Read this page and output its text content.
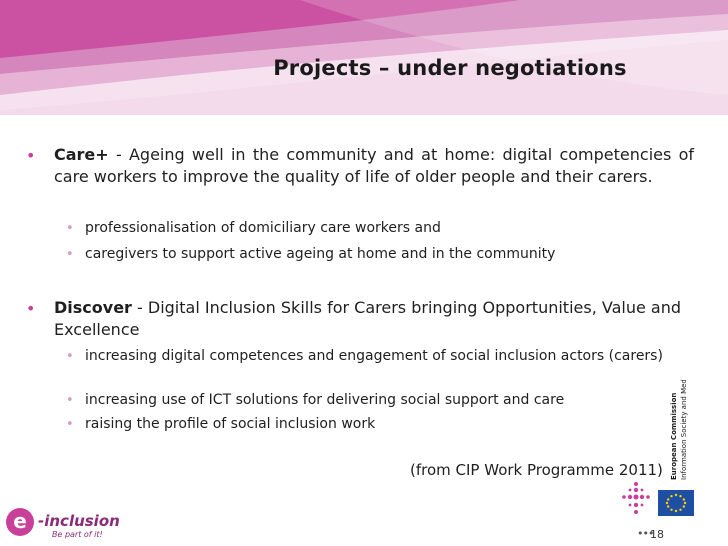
Projects – under negotiations
• Care+ - Ageing well in the community and at home: digital competencies of care workers to improve the quality of life of older people and their carers.
• professionalisation of domiciliary care workers and
• caregivers to support active ageing at home and in the community
• Discover - Digital Inclusion Skills for Carers bringing Opportunities, Value and Excellence
• increasing digital competences and engagement of social inclusion actors (carers)
• increasing use of ICT solutions for delivering social support and care
• raising the profile of social inclusion work
(from CIP Work Programme 2011) European Commission Information Society and Media
e -inclusion
Be part of it!	•••
18
